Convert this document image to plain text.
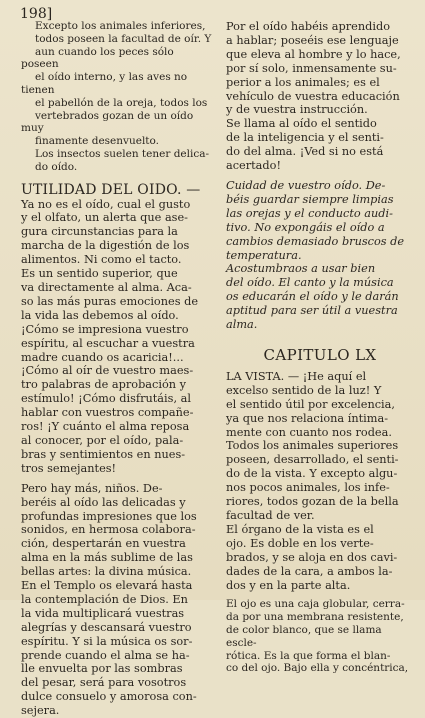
198]
Excepto los animales inferiores,
todos poseen la facultad de oír. Y
aun cuando los peces sólo poseen
el oído interno, y las aves no tienen
el pabellón de la oreja, todos los
vertebrados gozan de un oído muy
finamente desenvuelto.
Los insectos suelen tener delica-
do oído.

UTILIDAD DEL OIDO. —

Ya no es el oído, cual el gusto
y el olfato, un alerta que ase-
gura circunstancias para la
marcha de la digestión de los
alimentos. Ni como el tacto.
Es un sentido superior, que
va directamente al alma. Aca-
so las más puras emociones de
la vida las debemos al oído.
¡Cómo se impresiona vuestro
espíritu, al escuchar a vuestra
madre cuando os acaricia!...
¡Cómo al oír de vuestro maes-
tro palabras de aprobación y
estímulo! ¡Cómo disfrutáis, al
hablar con vuestros compañe-
ros! ¡Y cuánto el alma reposa
al conocer, por el oído, pala-
bras y sentimientos en nues-
tros semejantes!
Pero hay más, niños. De-
beréis al oído las delicadas y
profundas impresiones que los
sonidos, en hermosa colabora-
ción, despertarán en vuestra
alma en la más sublime de las
bellas artes: la divina música.
En el Templo os elevará hasta
la contemplación de Dios. En
la vida multiplicará vuestras
alegrías y descansará vuestro
espíritu. Y si la música os sor-
prende cuando el alma se ha-
lle envuelta por las sombras
del pesar, será para vosotros
dulce consuelo y amorosa con-
sejera.
Por el oído habéis aprendido
a hablar; poseéis ese lenguaje
que eleva al hombre y lo hace,
por sí solo, inmensamente su-
perior a los animales; es el
vehículo de vuestra educación
y de vuestra instrucción.
Se llama al oído el sentido
de la inteligencia y el senti-
do del alma. ¡Ved si no está
acertado!
Cuidad de vuestro oído. De-
béis guardar siempre limpias
las orejas y el conducto audi-
tivo. No expongáis el oído a
cambios demasiado bruscos de
temperatura.
Acostumbraos a usar bien
del oído. El canto y la música
os educarán el oído y le darán
aptitud para ser útil a vuestra
alma.

CAPITULO LX

LA VISTA. — ¡He aquí el
excelso sentido de la luz! Y
el sentido útil por excelencia,
ya que nos relaciona íntima-
mente con cuanto nos rodea.
Todos los animales superiores
poseen, desarrollado, el senti-
do de la vista. Y excepto algu-
nos pocos animales, los infe-
riores, todos gozan de la bella
facultad de ver.
El órgano de la vista es el
ojo. Es doble en los verte-
brados, y se aloja en dos cavi-
dades de la cara, a ambos la-
dos y en la parte alta.
El ojo es una caja globular, cerra-
da por una membrana resistente,
de color blanco, que se llama escle-
rótica. Es la que forma el blan-
co del ojo. Bajo ella y concéntrica,
